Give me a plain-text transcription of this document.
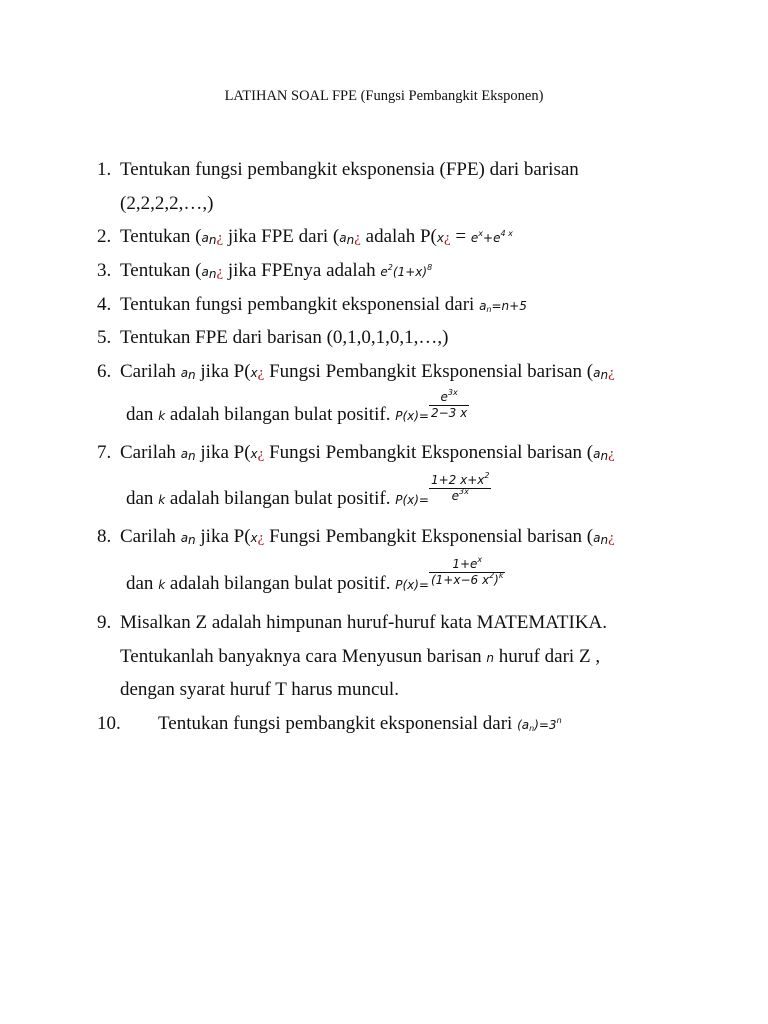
LATIHAN SOAL FPE (Fungsi Pembangkit Eksponen)
1. Tentukan fungsi pembangkit eksponensia (FPE) dari barisan
(2,2,2,2,…,)
2. Tentukan ($a_n¿$ jika FPE dari ($a_n¿$ adalah P(x¿ = $e^x+e^{4 x}$
3. Tentukan ($a_n¿$ jika FPEnya adalah $e^2(1+x)^8$
4. Tentukan fungsi pembangkit eksponensial dari $a_n=n+5$
5. Tentukan FPE dari barisan (0,1,0,1,0,1,…,)
6. Carilah $a_n$ jika P(x¿ Fungsi Pembangkit Eksponensial barisan ($a_n¿$
dan $_k$ adalah bilangan bulat positif. $_{P(x)=} \frac{e^{3x}}{2-3 x}$
7. Carilah $a_n$ jika P(x¿ Fungsi Pembangkit Eksponensial barisan ($a_n¿$
dan $_k$ adalah bilangan bulat positif. $_{P(x)=} \frac{1+2 x+x^2}{e^{3x}}$
8. Carilah $a_n$ jika P(x¿ Fungsi Pembangkit Eksponensial barisan ($a_n¿$
dan $_k$ adalah bilangan bulat positif. $_{P(x)=} \frac{1+e^x}{(1+x-6 x^2)^k}$
9. Misalkan Z adalah himpunan huruf-huruf kata MATEMATIKA.
Tentukanlah banyaknya cara Menyusun barisan n huruf dari Z ,
dengan syarat huruf T harus muncul.
10. Tentukan fungsi pembangkit eksponensial dari $(a_n)=3^n$
